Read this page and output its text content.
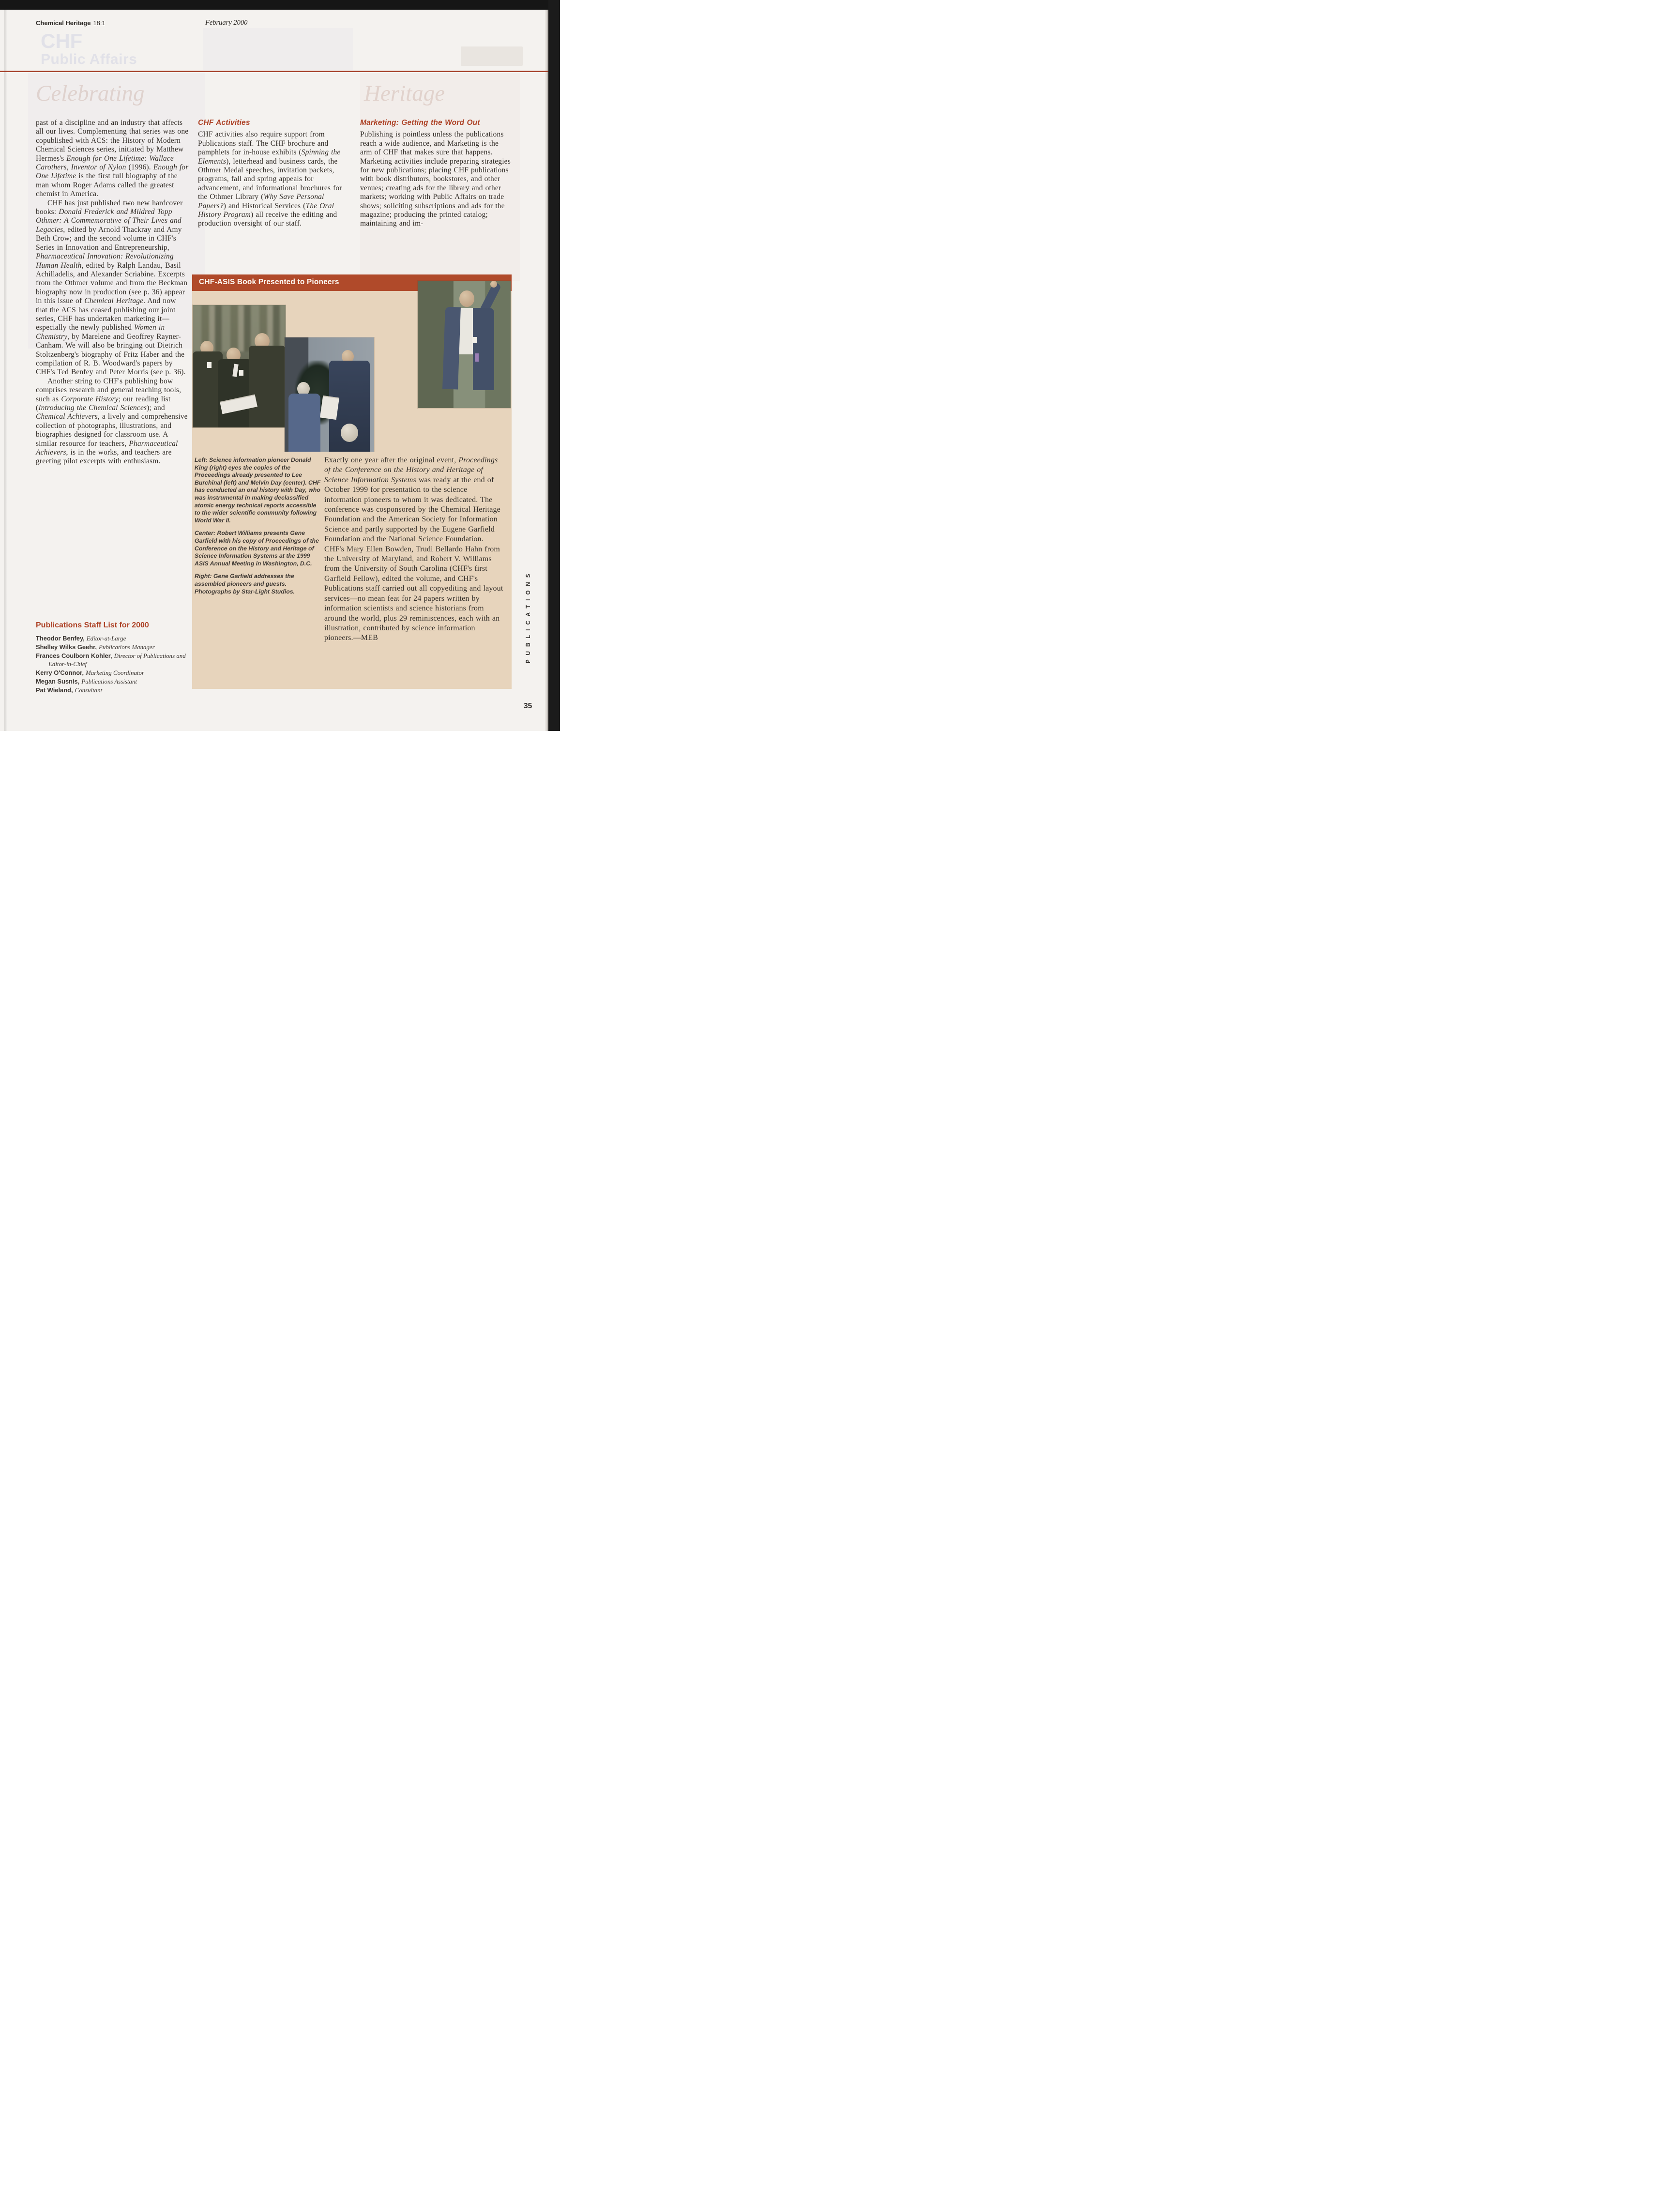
CHF
Public Affairs
Chemical Heritage 18:1	February 2000
Celebrating	Heritage

past of a discipline and an industry that affects all our lives. Complementing that series was one copublished with ACS: the History of Modern Chemical Sciences series, initiated by Matthew Hermes's Enough for One Lifetime: Wallace Carothers, Inventor of Nylon (1996). Enough for One Lifetime is the first full biography of the man whom Roger Adams called the greatest chemist in America.

CHF has just published two new hardcover books: Donald Frederick and Mildred Topp Othmer: A Commemorative of Their Lives and Legacies, edited by Arnold Thackray and Amy Beth Crow; and the second volume in CHF's Series in Innovation and Entrepreneurship, Pharmaceutical Innovation: Revolutionizing Human Health, edited by Ralph Landau, Basil Achilladelis, and Alexander Scriabine. Excerpts from the Othmer volume and from the Beckman biography now in production (see p. 36) appear in this issue of Chemical Heritage. And now that the ACS has ceased publishing our joint series, CHF has undertaken marketing it—especially the newly published Women in Chemistry, by Marelene and Geoffrey Rayner-Canham. We will also be bringing out Dietrich Stoltzenberg's biography of Fritz Haber and the compilation of R. B. Woodward's papers by CHF's Ted Benfey and Peter Morris (see p. 36).

Another string to CHF's publishing bow comprises research and general teaching tools, such as Corporate History; our reading list (Introducing the Chemical Sciences); and Chemical Achievers, a lively and comprehensive collection of photographs, illustrations, and biographies designed for classroom use. A similar resource for teachers, Pharmaceutical Achievers, is in the works, and teachers are greeting pilot excerpts with enthusiasm.

Publications Staff List for 2000
Theodor Benfey, Editor-at-Large
Shelley Wilks Geehr, Publications Manager
Frances Coulborn Kohler, Director of Publications and Editor-in-Chief
Kerry O'Connor, Marketing Coordinator
Megan Susnis, Publications Assistant
Pat Wieland, Consultant
CHF Activities

CHF activities also require support from Publications staff. The CHF brochure and pamphlets for in-house exhibits (Spinning the Elements), letterhead and business cards, the Othmer Medal speeches, invitation packets, programs, fall and spring appeals for advancement, and informational brochures for the Othmer Library (Why Save Personal Papers?) and Historical Services (The Oral History Program) all receive the editing and production oversight of our staff.

Marketing: Getting the Word Out

Publishing is pointless unless the publications reach a wide audience, and Marketing is the arm of CHF that makes sure that happens. Marketing activities include preparing strategies for new publications; placing CHF publications with book distributors, bookstores, and other venues; creating ads for the library and other markets; working with Public Affairs on trade shows; soliciting subscriptions and ads for the magazine; producing the printed catalog; maintaining and im-

CHF-ASIS Book Presented to Pioneers

Left: Science information pioneer Donald King (right) eyes the copies of the Proceedings already presented to Lee Burchinal (left) and Melvin Day (center). CHF has conducted an oral history with Day, who was instrumental in making declassified atomic energy technical reports accessible to the wider scientific community following World War II.

Center: Robert Williams presents Gene Garfield with his copy of Proceedings of the Conference on the History and Heritage of Science Information Systems at the 1999 ASIS Annual Meeting in Washington, D.C.

Right: Gene Garfield addresses the assembled pioneers and guests. Photographs by Star-Light Studios.

Exactly one year after the original event, Proceedings of the Conference on the History and Heritage of Science Information Systems was ready at the end of October 1999 for presentation to the science information pioneers to whom it was dedicated. The conference was cosponsored by the Chemical Heritage Foundation and the American Society for Information Science and partly supported by the Eugene Garfield Foundation and the National Science Foundation. CHF's Mary Ellen Bowden, Trudi Bellardo Hahn from the University of Maryland, and Robert V. Williams from the University of South Carolina (CHF's first Garfield Fellow), edited the volume, and CHF's Publications staff carried out all copyediting and layout services—no mean feat for 24 papers written by information scientists and science historians from around the world, plus 29 reminiscences, each with an illustration, contributed by science information pioneers.—MEB	PUBLICATIONS
35
